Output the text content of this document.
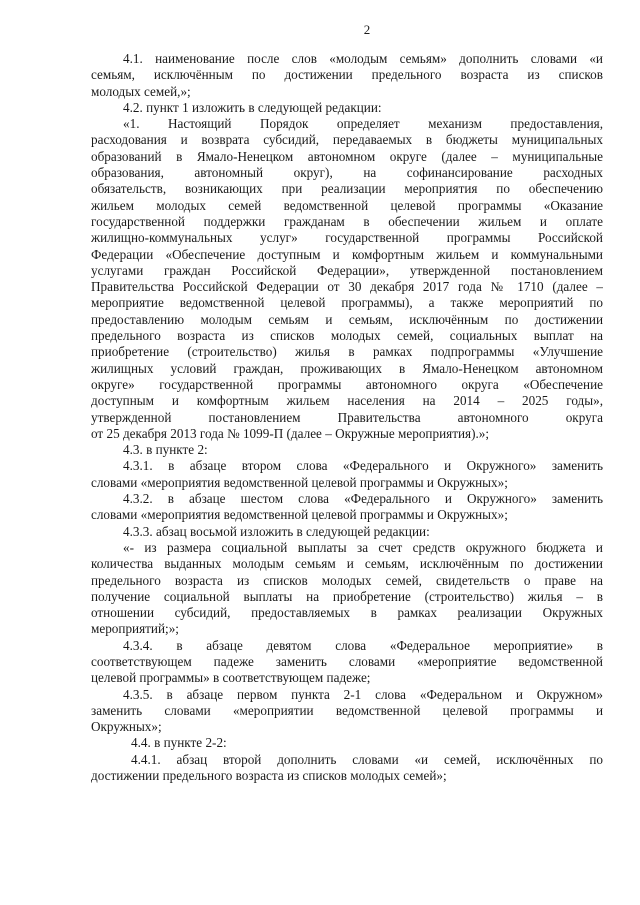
2
4.1. наименование после слов «молодым семьям» дополнить словами «и
семьям, исключённым по достижении предельного возраста из списков
молодых семей,»;
4.2. пункт 1 изложить в следующей редакции:
«1. Настоящий Порядок определяет механизм предоставления,
расходования и возврата субсидий, передаваемых в бюджеты муниципальных
образований в Ямало-Ненецком автономном округе (далее – муниципальные
образования, автономный округ), на софинансирование расходных
обязательств, возникающих при реализации мероприятия по обеспечению
жильем молодых семей ведомственной целевой программы «Оказание
государственной поддержки гражданам в обеспечении жильем и оплате
жилищно-коммунальных услуг» государственной программы Российской
Федерации «Обеспечение доступным и комфортным жильем и коммунальными
услугами граждан Российской Федерации», утвержденной постановлением
Правительства Российской Федерации от 30 декабря 2017 года № 1710 (далее –
мероприятие ведомственной целевой программы), а также мероприятий по
предоставлению молодым семьям и семьям, исключённым по достижении
предельного возраста из списков молодых семей, социальных выплат на
приобретение (строительство) жилья в рамках подпрограммы «Улучшение
жилищных условий граждан, проживающих в Ямало-Ненецком автономном
округе» государственной программы автономного округа «Обеспечение
доступным и комфортным жильем населения на 2014 – 2025 годы»,
утвержденной постановлением Правительства автономного округа
от 25 декабря 2013 года № 1099-П (далее – Окружные мероприятия).»;
4.3. в пункте 2:
4.3.1. в абзаце втором слова «Федерального и Окружного» заменить
словами «мероприятия ведомственной целевой программы и Окружных»;
4.3.2. в абзаце шестом слова «Федерального и Окружного» заменить
словами «мероприятия ведомственной целевой программы и Окружных»;
4.3.3. абзац восьмой изложить в следующей редакции:
«- из размера социальной выплаты за счет средств окружного бюджета и
количества выданных молодым семьям и семьям, исключённым по достижении
предельного возраста из списков молодых семей, свидетельств о праве на
получение социальной выплаты на приобретение (строительство) жилья – в
отношении субсидий, предоставляемых в рамках реализации Окружных
мероприятий;»;
4.3.4. в абзаце девятом слова «Федеральное мероприятие» в
соответствующем падеже заменить словами «мероприятие ведомственной
целевой программы» в соответствующем падеже;
4.3.5. в абзаце первом пункта 2-1 слова «Федеральном и Окружном»
заменить словами «мероприятии ведомственной целевой программы и
Окружных»;
4.4. в пункте 2-2:
4.4.1. абзац второй дополнить словами «и семей, исключённых по
достижении предельного возраста из списков молодых семей»;
